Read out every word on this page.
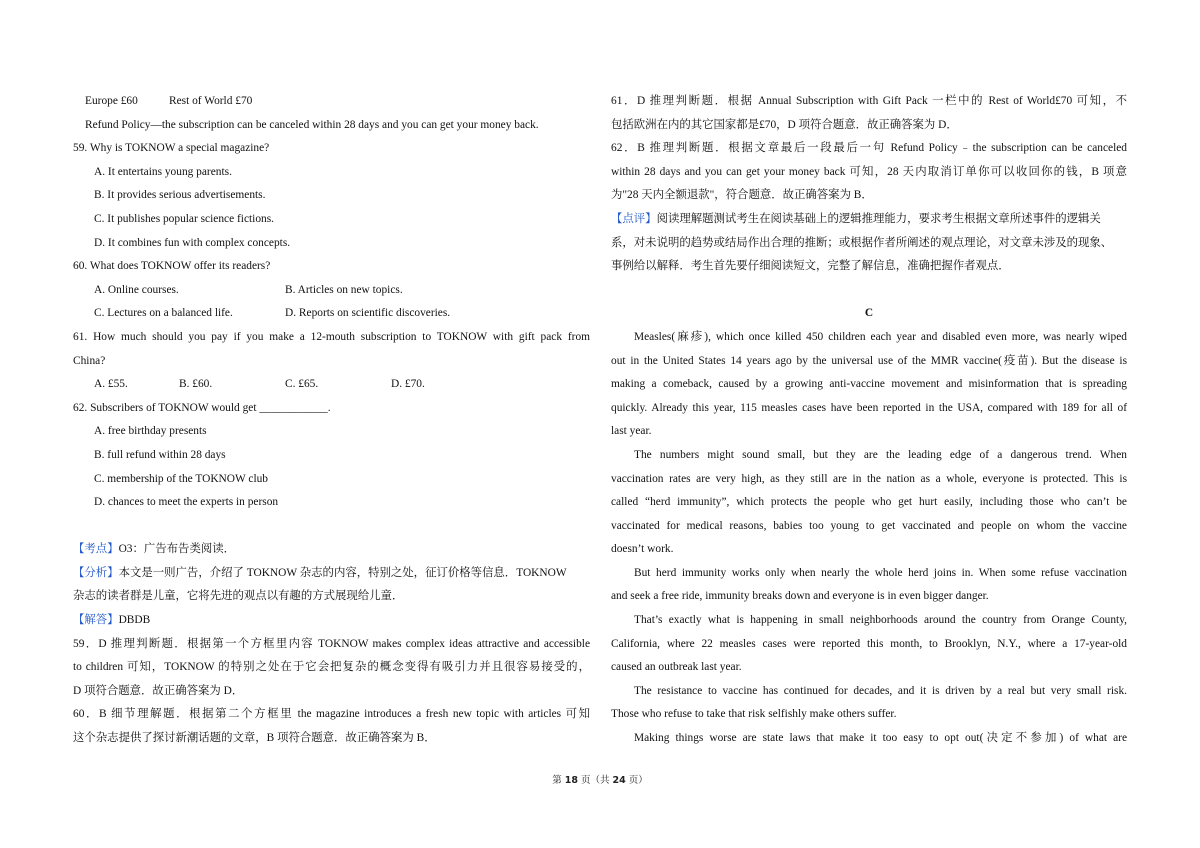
Europe £60	Rest of World £70
Refund Policy—the subscription can be canceled within 28 days and you can get your money back.
59. Why is TOKNOW a special magazine?
A. It entertains young parents.
B. It provides serious advertisements.
C. It publishes popular science fictions.
D. It combines fun with complex concepts.
60. What does TOKNOW offer its readers?
A. Online courses.	B. Articles on new topics.
C. Lectures on a balanced life.	D. Reports on scientific discoveries.
61. How much should you pay if you make a 12-mouth subscription to TOKNOW with gift pack from
China?
A. £55.	B. £60.	C. £65.	D. £70.
62. Subscribers of TOKNOW would get ____________.
A. free birthday presents
B. full refund within 28 days
C. membership of the TOKNOW club
D. chances to meet the experts in person
【考点】O3：广告布告类阅读．
【分析】本文是一则广告，介绍了 TOKNOW 杂志的内容，特别之处，征订价格等信息．TOKNOW
杂志的读者群是儿童，它将先进的观点以有趣的方式展现给儿童．
【解答】DBDB
59．D 推理判断题．根据第一个方框里内容 TOKNOW makes complex ideas attractive and accessible
to children 可知，TOKNOW 的特别之处在于它会把复杂的概念变得有吸引力并且很容易接受的，
D 项符合题意．故正确答案为 D．
60．B 细节理解题．根据第二个方框里 the magazine introduces a fresh new topic with articles 可知
这个杂志提供了探讨新潮话题的文章，B 项符合题意．故正确答案为 B．
61．D 推理判断题．根据 Annual Subscription with Gift Pack 一栏中的 Rest of World£70 可知，不
包括欧洲在内的其它国家都是£70，D 项符合题意．故正确答案为 D．
62．B 推理判断题．根据文章最后一段最后一句 Refund Policy﹣the subscription can be canceled
within 28 days and you can get your money back 可知，28 天内取消订单你可以收回你的钱，B 项意
为"28 天内全额退款"，符合题意．故正确答案为 B．
【点评】阅读理解题测试考生在阅读基础上的逻辑推理能力，要求考生根据文章所述事件的逻辑关
系，对未说明的趋势或结局作出合理的推断；或根据作者所阐述的观点理论，对文章未涉及的现象、
事例给以解释．考生首先要仔细阅读短文，完整了解信息，准确把握作者观点．
C
Measles(麻疹), which once killed 450 children each year and disabled even more, was nearly wiped
out in the United States 14 years ago by the universal use of the MMR vaccine(疫苗). But the disease is
making a comeback, caused by a growing anti-vaccine movement and misinformation that is spreading
quickly. Already this year, 115 measles cases have been reported in the USA, compared with 189 for all of
last year.
The numbers might sound small, but they are the leading edge of a dangerous trend. When
vaccination rates are very high, as they still are in the nation as a whole, everyone is protected. This is
called “herd immunity”, which protects the people who get hurt easily, including those who can’t be
vaccinated for medical reasons, babies too young to get vaccinated and people on whom the vaccine
doesn’t work.
But herd immunity works only when nearly the whole herd joins in. When some refuse vaccination
and seek a free ride, immunity breaks down and everyone is in even bigger danger.
That’s exactly what is happening in small neighborhoods around the country from Orange County,
California, where 22 measles cases were reported this month, to Brooklyn, N.Y., where a 17-year-old
caused an outbreak last year.
The resistance to vaccine has continued for decades, and it is driven by a real but very small risk.
Those who refuse to take that risk selfishly make others suffer.
Making things worse are state laws that make it too easy to opt out(决定不参加) of what are
第 18 页（共 24 页）
